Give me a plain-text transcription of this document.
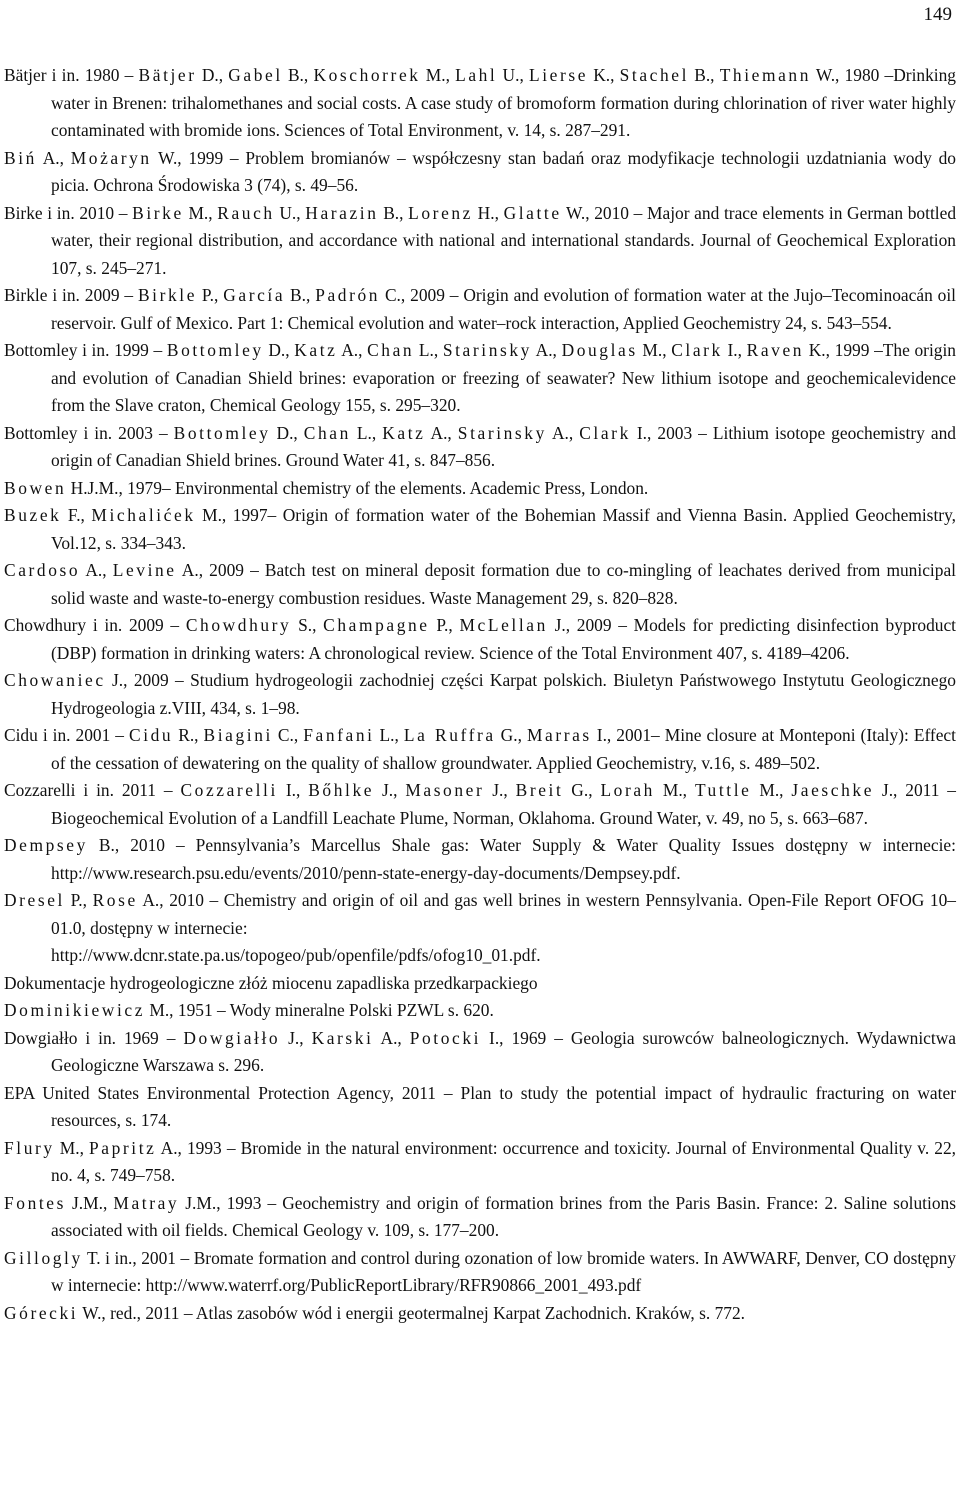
149

Bätjer i in. 1980 – Bätjer D., Gabel B., Koschorrek M., Lahl U., Lierse K., Stachel B., Thiemann W., 1980 –Drinking water in Brenen: trihalomethanes and social costs. A case study of bromoform formation during chlorination of river water highly contaminated with bromide ions. Sciences of Total Environment, v. 14, s. 287–291.

Biń A., Możaryn W., 1999 – Problem bromianów – współczesny stan badań oraz modyfikacje technologii uzdatniania wody do picia. Ochrona Środowiska 3 (74), s. 49–56.

Birke i in. 2010 – Birke M., Rauch U., Harazin B., Lorenz H., Glatte W., 2010 – Major and trace elements in German bottled water, their regional distribution, and accordance with national and international standards. Journal of Geochemical Exploration 107, s. 245–271.

Birkle i in. 2009 – Birkle P., García B., Padrón C., 2009 – Origin and evolution of formation water at the Jujo–Tecominoacán oil reservoir. Gulf of Mexico. Part 1: Chemical evolution and water–rock interaction, Applied Geochemistry 24, s. 543–554.

Bottomley i in. 1999 – Bottomley D., Katz A., Chan L., Starinsky A., Douglas M., Clark I., Raven K., 1999 –The origin and evolution of Canadian Shield brines: evaporation or freezing of seawater? New lithium isotope and geochemicalevidence from the Slave craton, Chemical Geology 155, s. 295–320.

Bottomley i in. 2003 – Bottomley D., Chan L., Katz A., Starinsky A., Clark I., 2003 – Lithium isotope geochemistry and origin of Canadian Shield brines. Ground Water 41, s. 847–856.

Bowen H.J.M., 1979– Environmental chemistry of the elements. Academic Press, London.

Buzek F., Michalićek M., 1997– Origin of formation water of the Bohemian Massif and Vienna Basin. Applied Geochemistry, Vol.12, s. 334–343.

Cardoso A., Levine A., 2009 – Batch test on mineral deposit formation due to co-mingling of leachates derived from municipal solid waste and waste-to-energy combustion residues. Waste Management 29, s. 820–828.

Chowdhury i in. 2009 – Chowdhury S., Champagne P., McLellan J., 2009 – Models for predicting disinfection byproduct (DBP) formation in drinking waters: A chronological review. Science of the Total Environment 407, s. 4189–4206.

Chowaniec J., 2009 – Studium hydrogeologii zachodniej części Karpat polskich. Biuletyn Państwowego Instytutu Geologicznego Hydrogeologia z.VIII, 434, s. 1–98.

Cidu i in. 2001 – Cidu R., Biagini C., Fanfani L., La Ruffra G., Marras I., 2001– Mine closure at Monteponi (Italy): Effect of the cessation of dewatering on the quality of shallow groundwater. Applied Geochemistry, v.16, s. 489–502.

Cozzarelli i in. 2011 – Cozzarelli I., Bőhlke J., Masoner J., Breit G., Lorah M., Tuttle M., Jaeschke J., 2011 – Biogeochemical Evolution of a Landfill Leachate Plume, Norman, Oklahoma. Ground Water, v. 49, no 5, s. 663–687.

Dempsey B., 2010 – Pennsylvania’s Marcellus Shale gas: Water Supply & Water Quality Issues dostępny w internecie: http://www.research.psu.edu/events/2010/penn-state-energy-day-documents/Dempsey.pdf.

Dresel P., Rose A., 2010 – Chemistry and origin of oil and gas well brines in western Pennsylvania. Open-File Report OFOG 10–01.0, dostępny w internecie:
http://www.dcnr.state.pa.us/topogeo/pub/openfile/pdfs/ofog10_01.pdf.

Dokumentacje hydrogeologiczne złóż miocenu zapadliska przedkarpackiego

Dominikiewicz M., 1951 – Wody mineralne Polski PZWL s. 620.

Dowgiałło i in. 1969 – Dowgiałło J., Karski A., Potocki I., 1969 – Geologia surowców balneologicznych. Wydawnictwa Geologiczne Warszawa s. 296.

EPA United States Environmental Protection Agency, 2011 – Plan to study the potential impact of hydraulic fracturing on water resources, s. 174.

Flury M., Papritz A., 1993 – Bromide in the natural environment: occurrence and toxicity. Journal of Environmental Quality v. 22, no. 4, s. 749–758.

Fontes J.M., Matray J.M., 1993 – Geochemistry and origin of formation brines from the Paris Basin. France: 2. Saline solutions associated with oil fields. Chemical Geology v. 109, s. 177–200.

Gillogly T. i in., 2001 – Bromate formation and control during ozonation of low bromide waters. In AWWARF, Denver, CO dostępny w internecie: http://www.waterrf.org/PublicReportLibrary/RFR90866_2001_493.pdf

Górecki W., red., 2011 – Atlas zasobów wód i energii geotermalnej Karpat Zachodnich. Kraków, s. 772.
